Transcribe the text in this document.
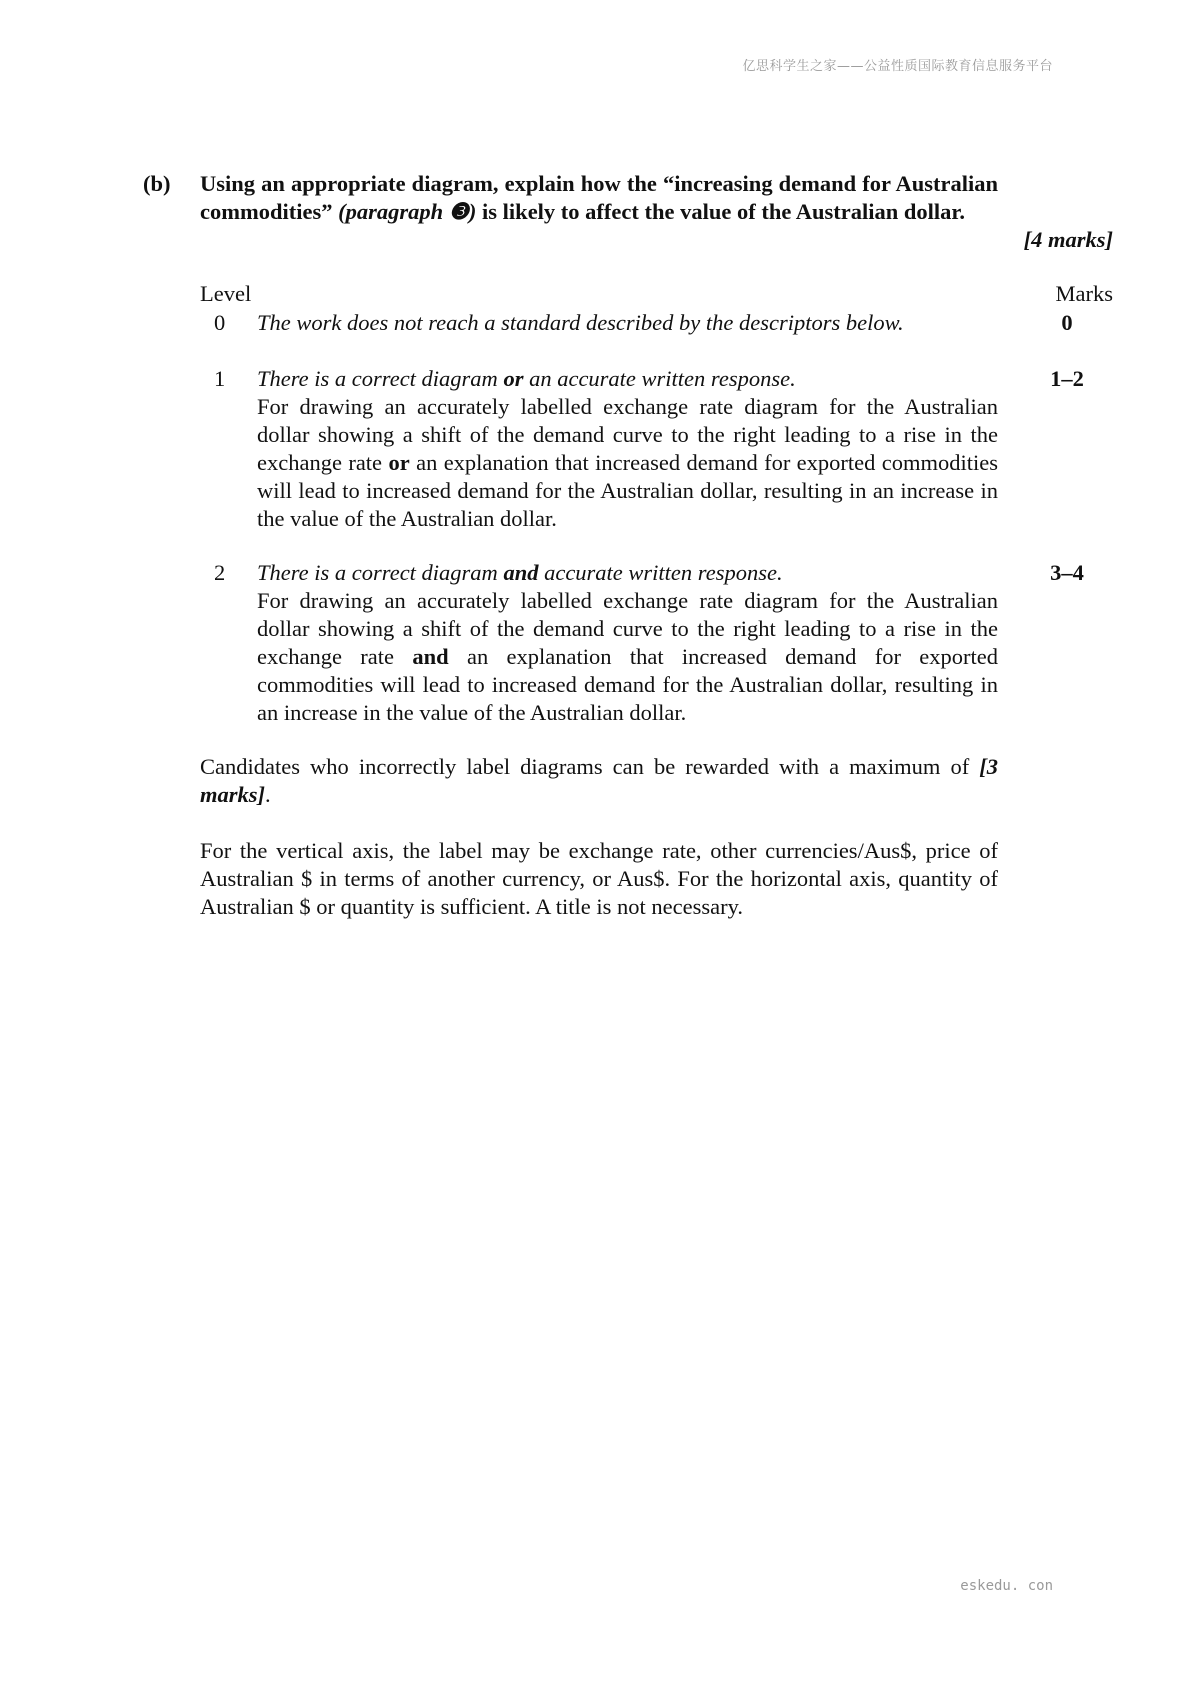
亿思科学生之家——公益性质国际教育信息服务平台
(b) Using an appropriate diagram, explain how the “increasing demand for Australian commodities” (paragraph ❸) is likely to affect the value of the Australian dollar.
[4 marks]
Level	Marks
0 The work does not reach a standard described by the descriptors below.	0
1 There is a correct diagram or an accurate written response.
For drawing an accurately labelled exchange rate diagram for the Australian dollar showing a shift of the demand curve to the right leading to a rise in the exchange rate or an explanation that increased demand for exported commodities will lead to increased demand for the Australian dollar, resulting in an increase in the value of the Australian dollar.
1–2
2 There is a correct diagram and accurate written response.
For drawing an accurately labelled exchange rate diagram for the Australian dollar showing a shift of the demand curve to the right leading to a rise in the exchange rate and an explanation that increased demand for exported commodities will lead to increased demand for the Australian dollar, resulting in an increase in the value of the Australian dollar.
3–4
Candidates who incorrectly label diagrams can be rewarded with a maximum of [3 marks].
For the vertical axis, the label may be exchange rate, other currencies/Aus$, price of Australian $ in terms of another currency, or Aus$. For the horizontal axis, quantity of Australian $ or quantity is sufficient. A title is not necessary.
eskedu. con
